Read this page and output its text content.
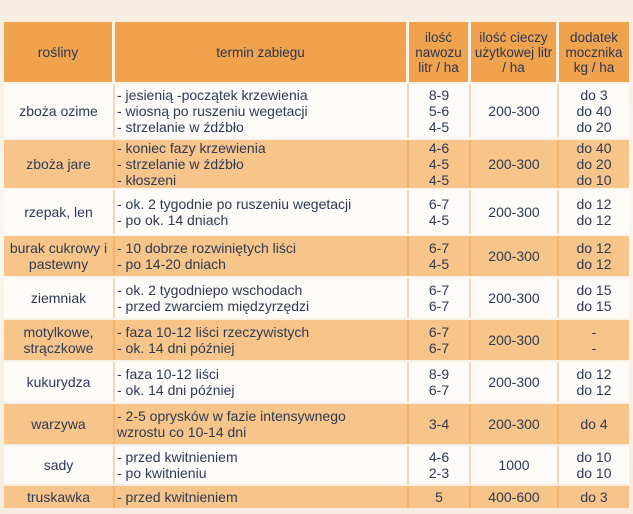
rośliny	termin zabiegu	ilość nawozu litr / ha	ilość cieczy użytkowej litr / ha	dodatek mocznika kg / ha
zboża ozime	- jesienią -początek krzewienia
- wiosną po ruszeniu wegetacji
- strzelanie w źdźbło	8-9
5-6
4-5	200-300	do 3
do 40
do 20

zboża jare	- koniec fazy krzewienia
- strzelanie w źdźbło
- kłoszeni	4-6
4-5
4-5	200-300	do 40
do 20
do 10

rzepak, len	- ok. 2 tygodnie po ruszeniu wegetacji
- po ok. 14 dniach	6-7
4-5	200-300	do 12
do 12

burak cukrowy i pastewny	- 10 dobrze rozwiniętych liści
- po 14-20 dniach	6-7
4-5	200-300	do 12
do 12

ziemniak	- ok. 2 tygodniepo wschodach
- przed zwarciem międzyrzędzi	6-7
6-7	200-300	do 15
do 15

motylkowe, strączkowe	- faza 10-12 liści rzeczywistych
- ok. 14 dni później	6-7
6-7	200-300	-
-

kukurydza	- faza 10-12 liści
- ok. 14 dni później	8-9
6-7	200-300	do 12
do 12

warzywa	- 2-5 oprysków w fazie intensywnego
wzrostu co 10-14 dni	3-4	200-300	do 4

sady	- przed kwitnieniem
- po kwitnieniu	4-6
2-3	1000	do 10
do 10

truskawka	- przed kwitnieniem	5	400-600	do 3
